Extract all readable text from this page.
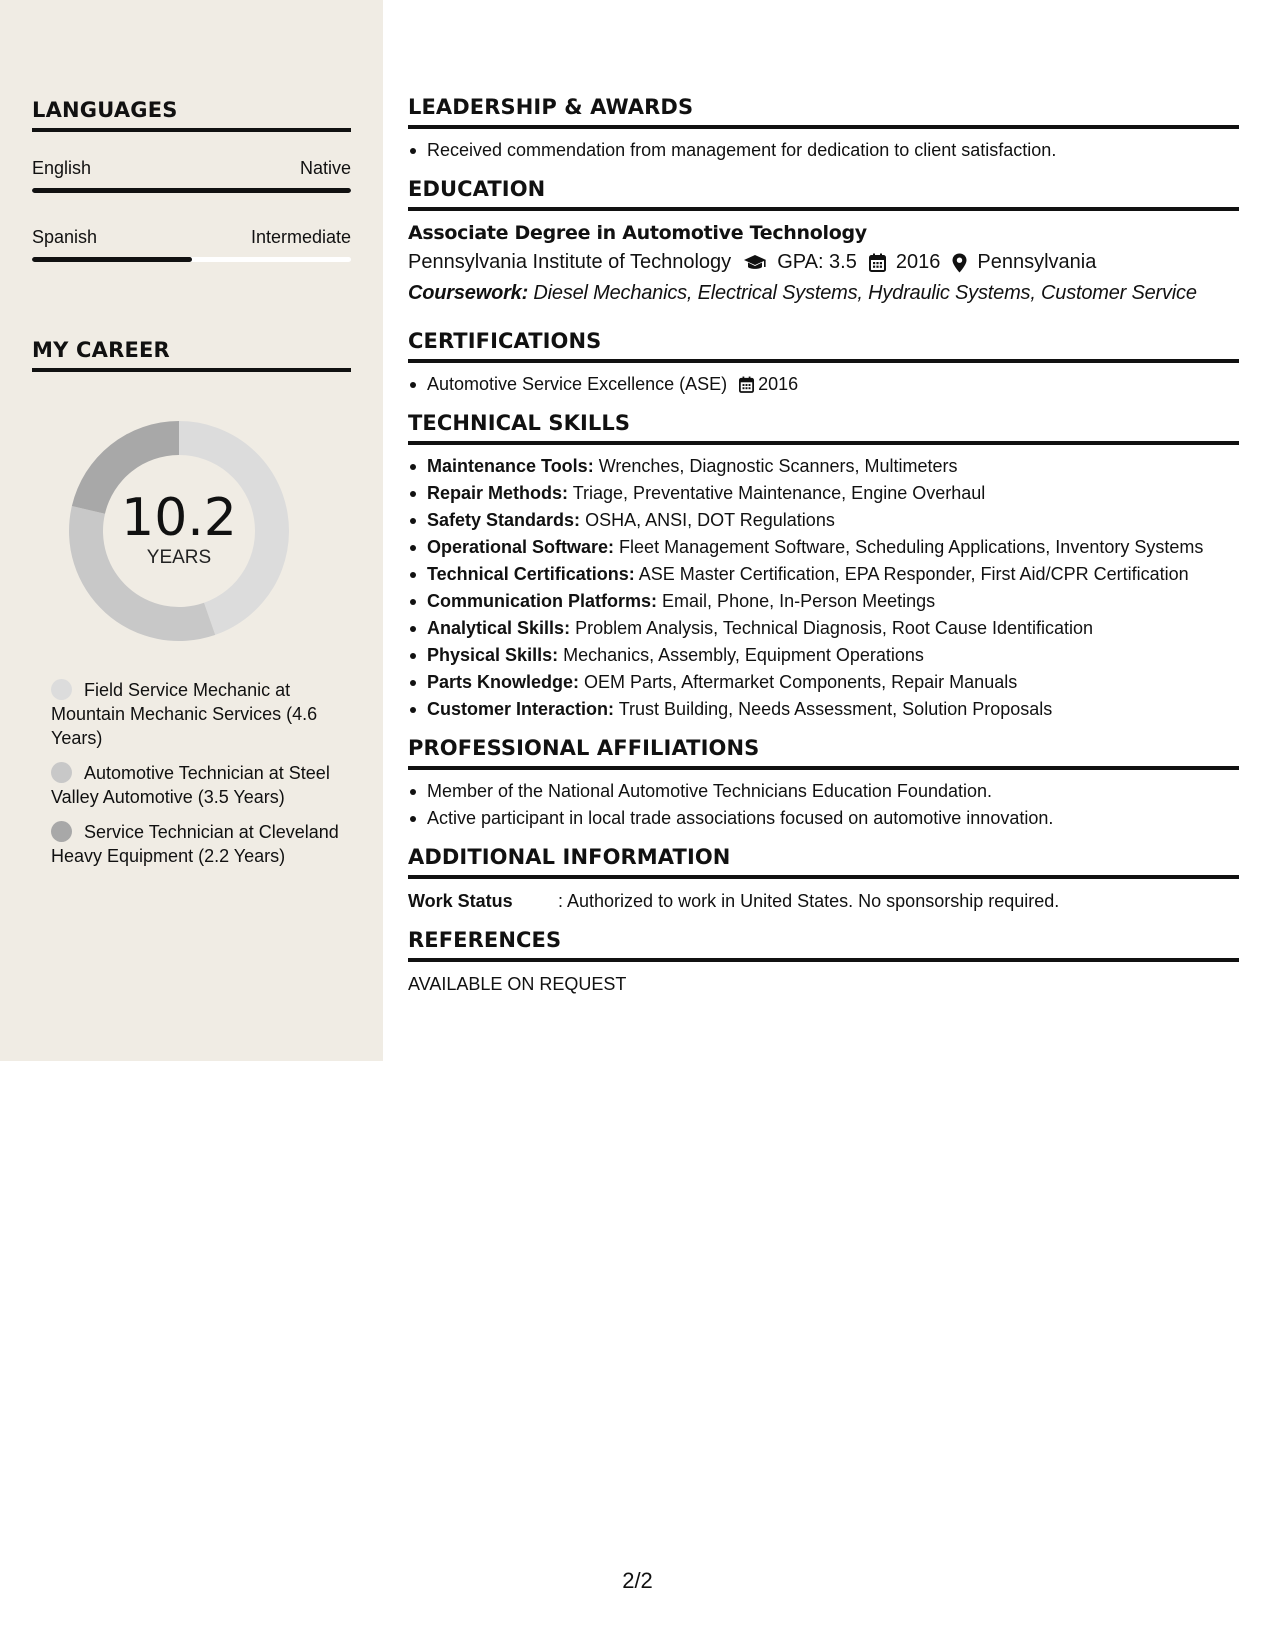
LANGUAGES
English	Native
Spanish	Intermediate
MY CAREER
10.2
YEARS
Field Service Mechanic at Mountain Mechanic Services (4.6 Years)
Automotive Technician at Steel Valley Automotive (3.5 Years)
Service Technician at Cleveland Heavy Equipment (2.2 Years)
LEADERSHIP & AWARDS
Received commendation from management for dedication to client satisfaction.
EDUCATION
Associate Degree in Automotive Technology
Pennsylvania Institute of Technology GPA: 3.5 2016 Pennsylvania
Coursework: Diesel Mechanics, Electrical Systems, Hydraulic Systems, Customer Service
CERTIFICATIONS
Automotive Service Excellence (ASE) 2016
TECHNICAL SKILLS
Maintenance Tools: Wrenches, Diagnostic Scanners, Multimeters
Repair Methods: Triage, Preventative Maintenance, Engine Overhaul
Safety Standards: OSHA, ANSI, DOT Regulations
Operational Software: Fleet Management Software, Scheduling Applications, Inventory Systems
Technical Certifications: ASE Master Certification, EPA Responder, First Aid/CPR Certification
Communication Platforms: Email, Phone, In-Person Meetings
Analytical Skills: Problem Analysis, Technical Diagnosis, Root Cause Identification
Physical Skills: Mechanics, Assembly, Equipment Operations
Parts Knowledge: OEM Parts, Aftermarket Components, Repair Manuals
Customer Interaction: Trust Building, Needs Assessment, Solution Proposals
PROFESSIONAL AFFILIATIONS
Member of the National Automotive Technicians Education Foundation.
Active participant in local trade associations focused on automotive innovation.
ADDITIONAL INFORMATION
Work Status	: Authorized to work in United States. No sponsorship required.
REFERENCES
AVAILABLE ON REQUEST
2/2
